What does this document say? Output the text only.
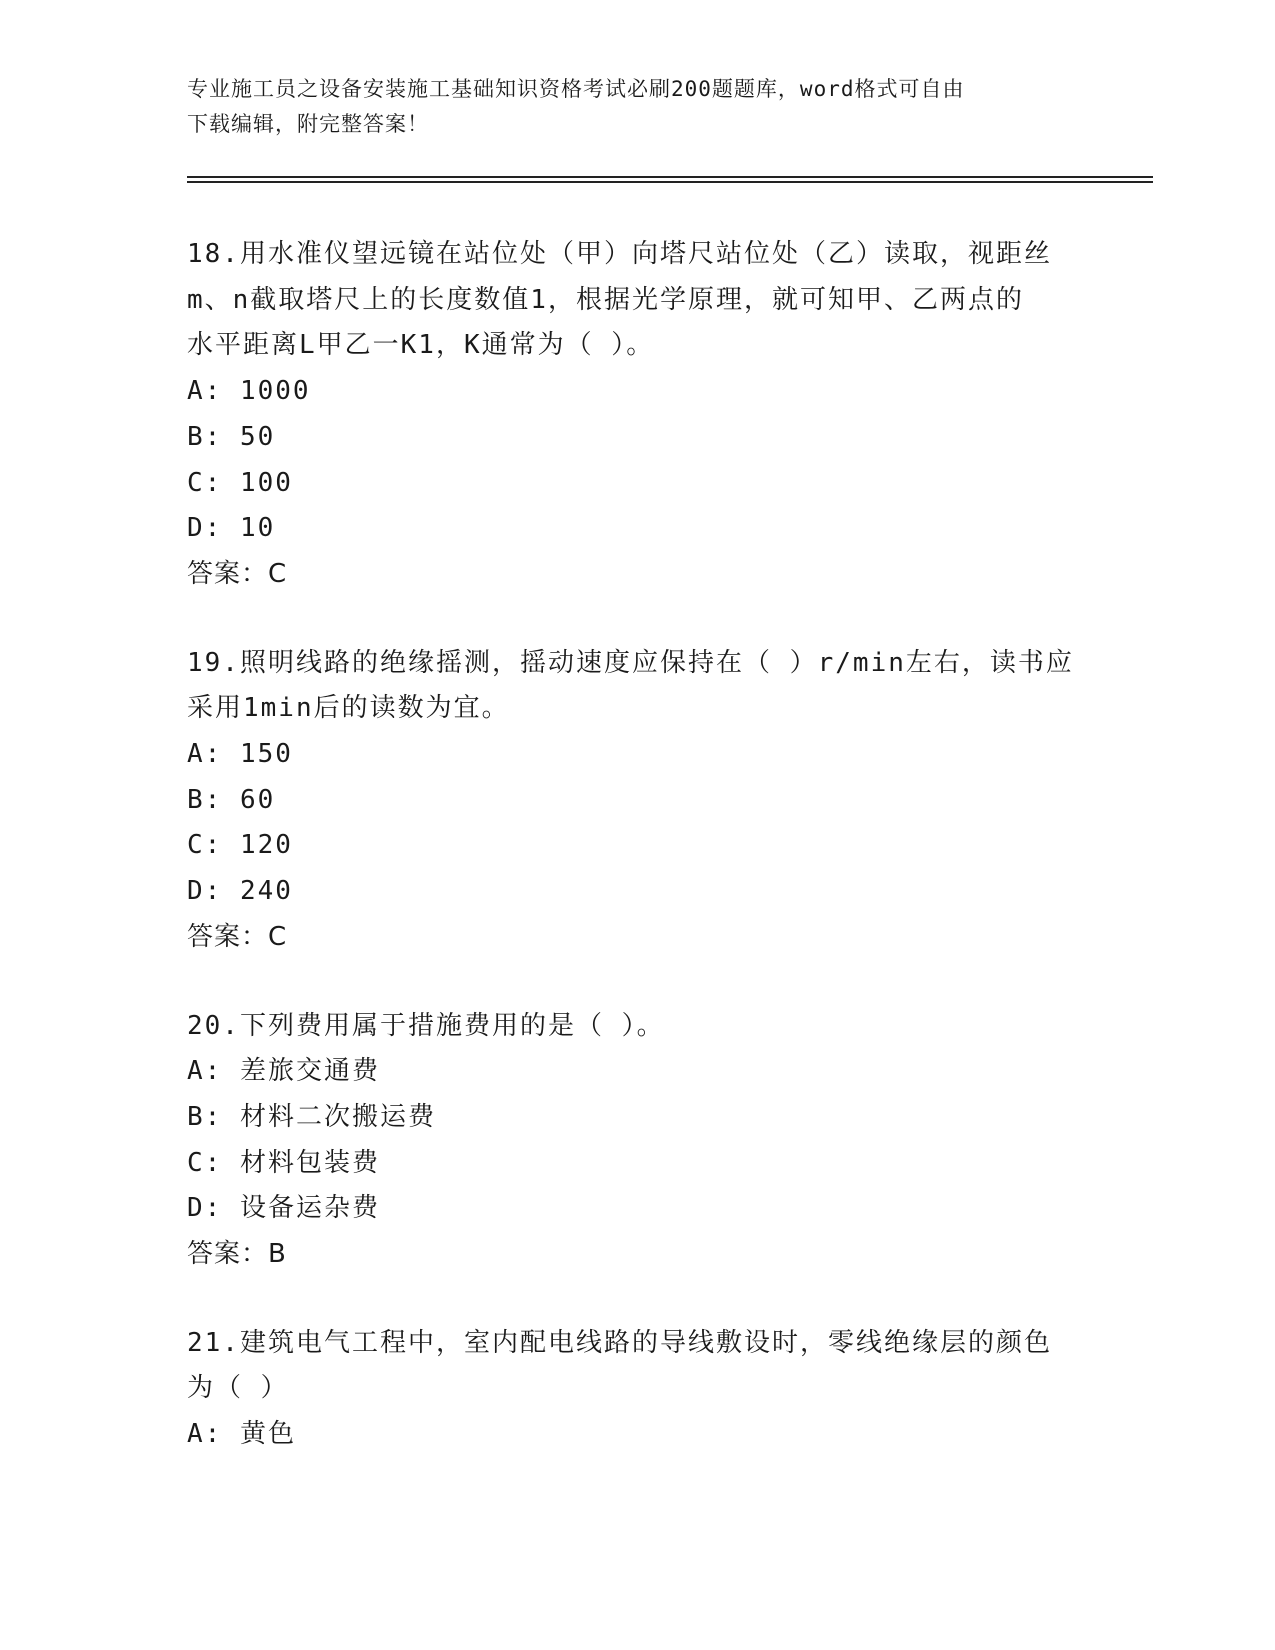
专业施工员之设备安装施工基础知识资格考试必刷200题题库，word格式可自由
下载编辑，附完整答案！
18.用水准仪望远镜在站位处（甲）向塔尺站位处（乙）读取，视距丝
m、n截取塔尺上的长度数值1，根据光学原理，就可知甲、乙两点的
水平距离L甲乙一K1，K通常为（ ）。
A: 1000
B: 50
C: 100
D: 10
答案：C
19.照明线路的绝缘摇测，摇动速度应保持在（ ）r/min左右，读书应
采用1min后的读数为宜。
A: 150
B: 60
C: 120
D: 240
答案：C
20.下列费用属于措施费用的是（ ）。
A: 差旅交通费
B: 材料二次搬运费
C: 材料包装费
D: 设备运杂费
答案：B
21.建筑电气工程中，室内配电线路的导线敷设时，零线绝缘层的颜色
为（ ）
A: 黄色
